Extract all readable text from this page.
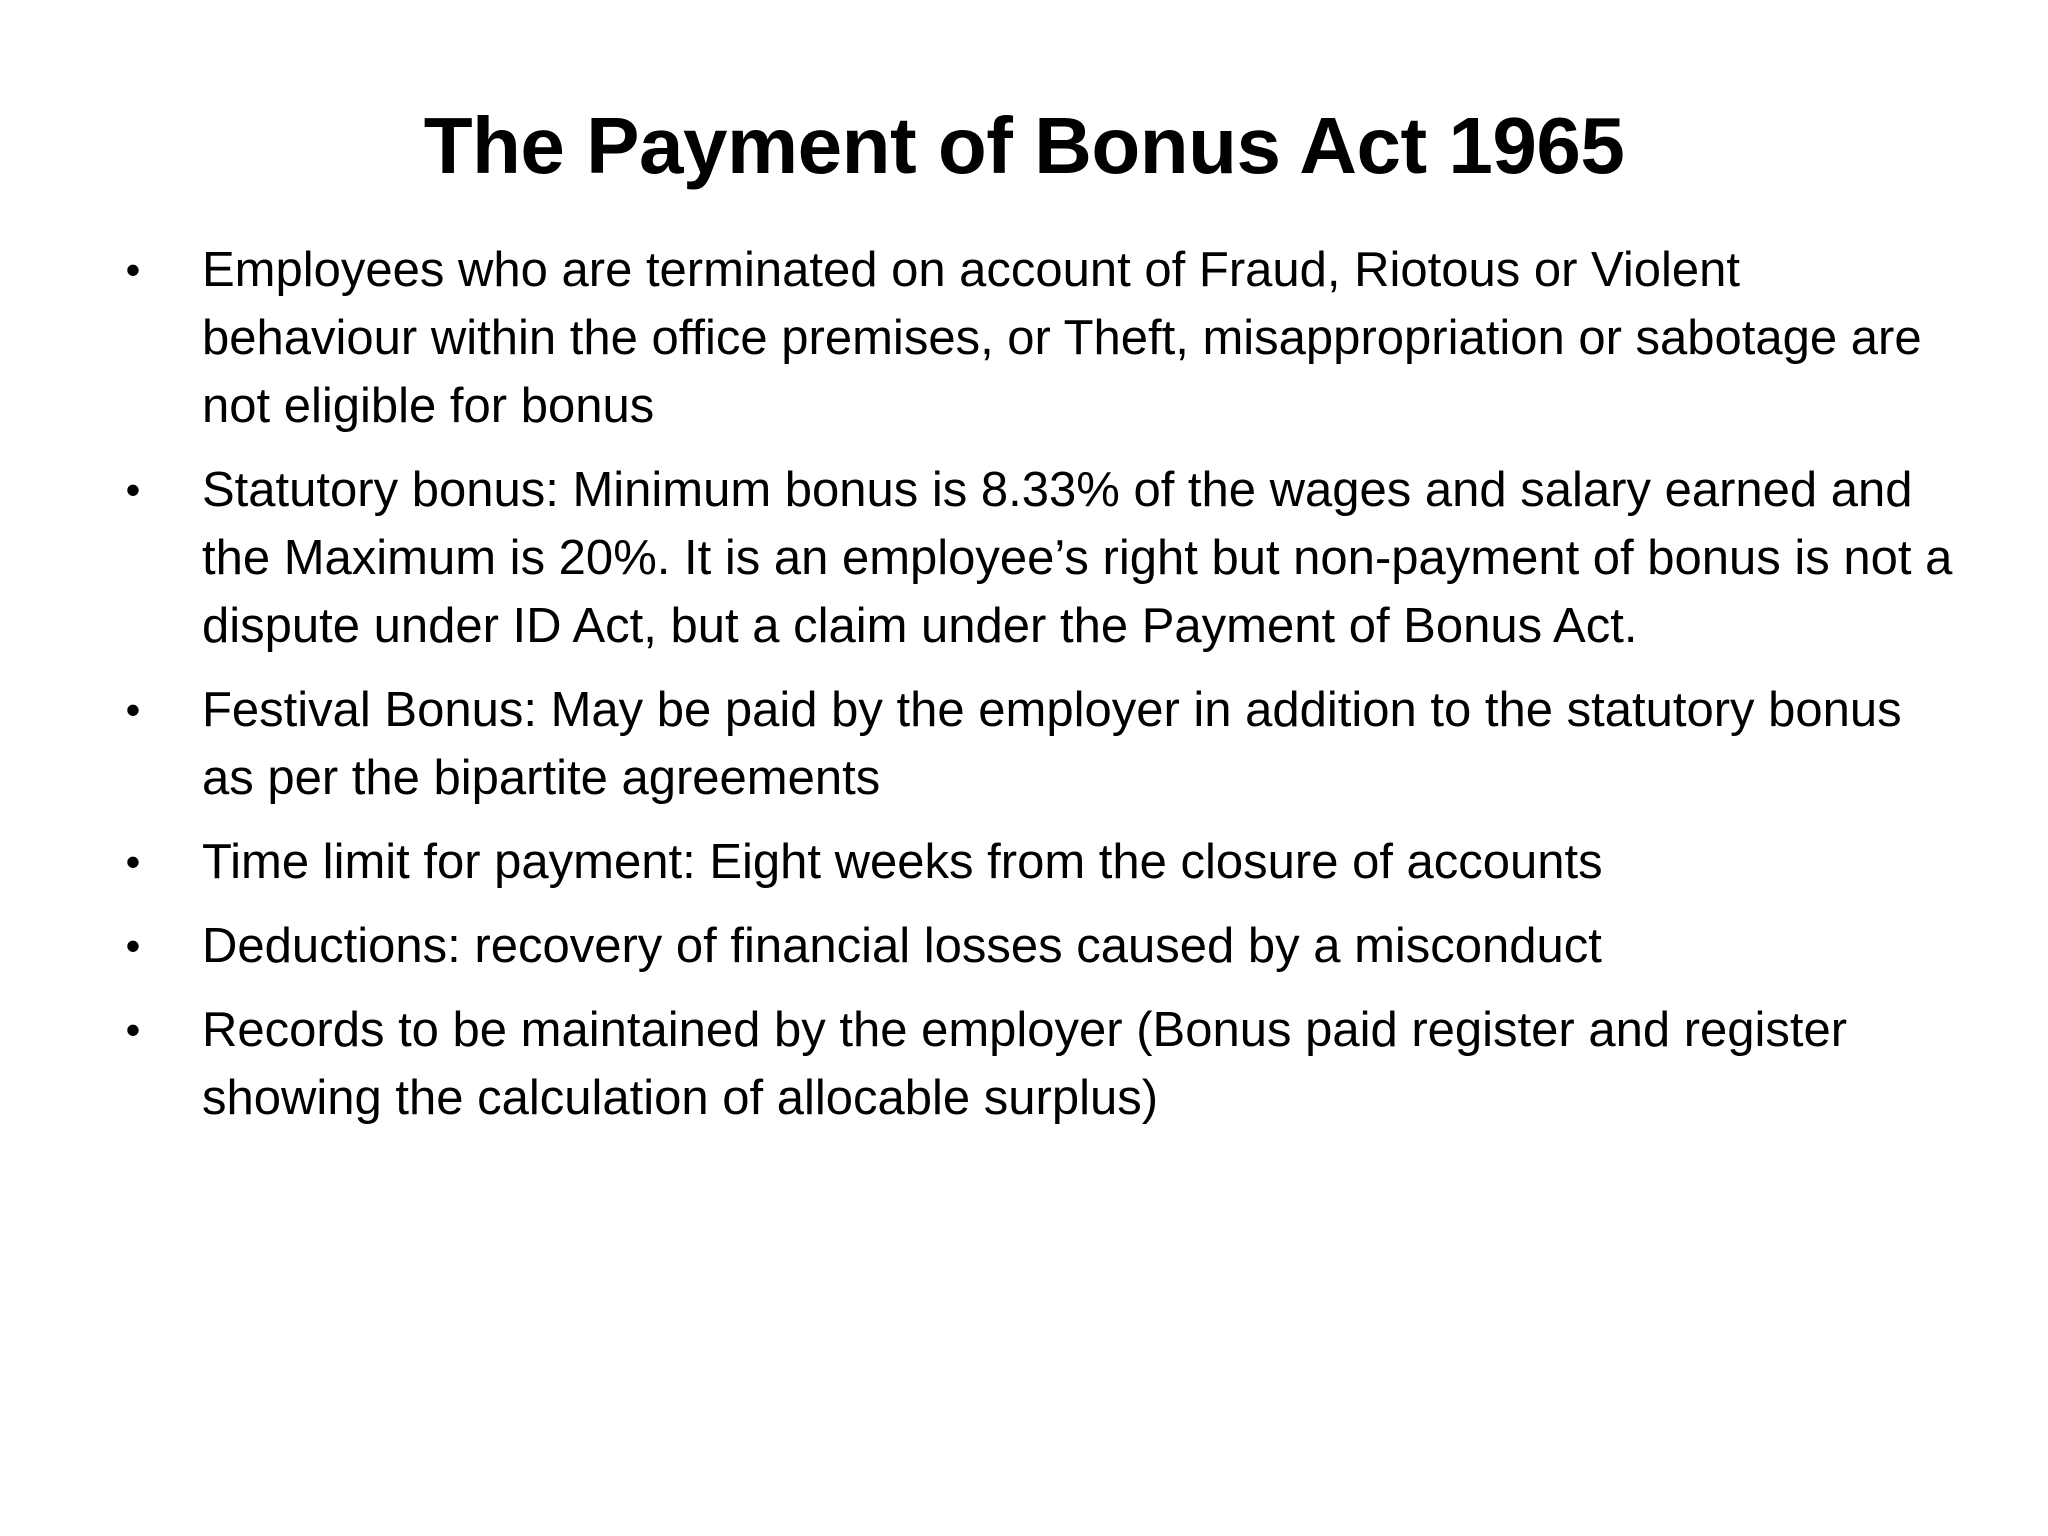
The Payment of Bonus Act 1965
• Employees who are terminated on account of Fraud, Riotous or Violent behaviour within the office premises, or Theft, misappropriation or sabotage are not eligible for bonus
• Statutory bonus: Minimum bonus is 8.33% of the wages and salary earned and the Maximum is 20%. It is an employee’s right but non-payment of bonus is not a dispute under ID Act, but a claim under the Payment of Bonus Act.
• Festival Bonus: May be paid by the employer in addition to the statutory bonus as per the bipartite agreements
• Time limit for payment: Eight weeks from the closure of accounts
• Deductions: recovery of financial losses caused by a misconduct
• Records to be maintained by the employer (Bonus paid register and register showing the calculation of allocable surplus)
